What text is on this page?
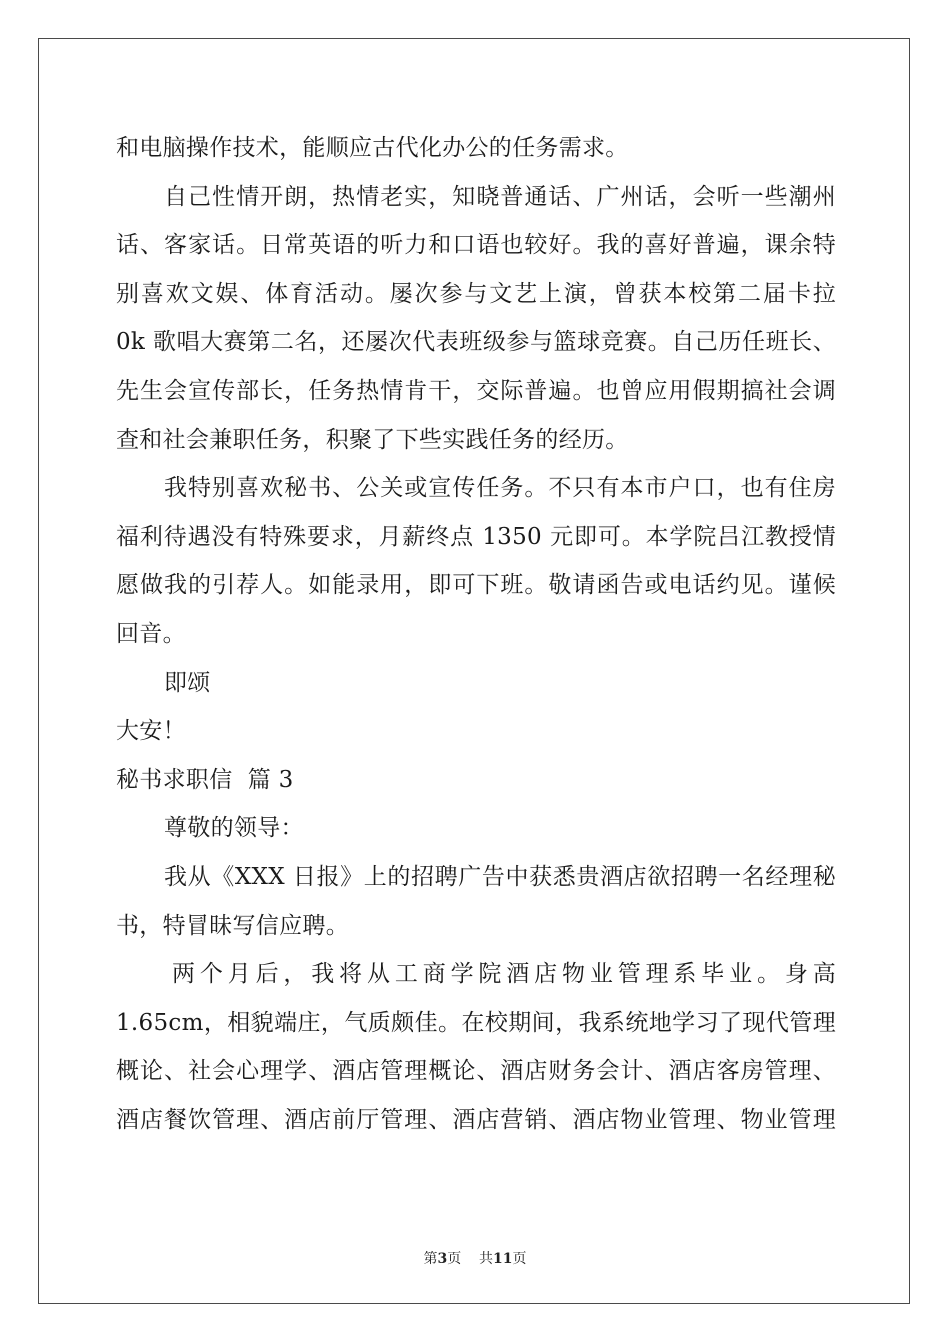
和电脑操作技术，能顺应古代化办公的任务需求。
自己性情开朗，热情老实，知晓普通话、广州话，会听一些潮州
话、客家话。日常英语的听力和口语也较好。我的喜好普遍，课余特
别喜欢文娱、体育活动。屡次参与文艺上演，曾获本校第二届卡拉
0k 歌唱大赛第二名，还屡次代表班级参与篮球竞赛。自己历任班长、
先生会宣传部长，任务热情肯干，交际普遍。也曾应用假期搞社会调
查和社会兼职任务，积聚了下些实践任务的经历。
我特别喜欢秘书、公关或宣传任务。不只有本市户口，也有住房
福利待遇没有特殊要求，月薪终点 1350 元即可。本学院吕江教授情
愿做我的引荐人。如能录用，即可下班。敬请函告或电话约见。谨候
回音。
即颂
大安！
秘书求职信  篇 3
尊敬的领导：
我从《XXX 日报》上的招聘广告中获悉贵酒店欲招聘一名经理秘
书，特冒昧写信应聘。
两个月后，我将从工商学院酒店物业管理系毕业。身高
1.65cm，相貌端庄，气质颇佳。在校期间，我系统地学习了现代管理
概论、社会心理学、酒店管理概论、酒店财务会计、酒店客房管理、
酒店餐饮管理、酒店前厅管理、酒店营销、酒店物业管理、物业管理
第3页    共11页
